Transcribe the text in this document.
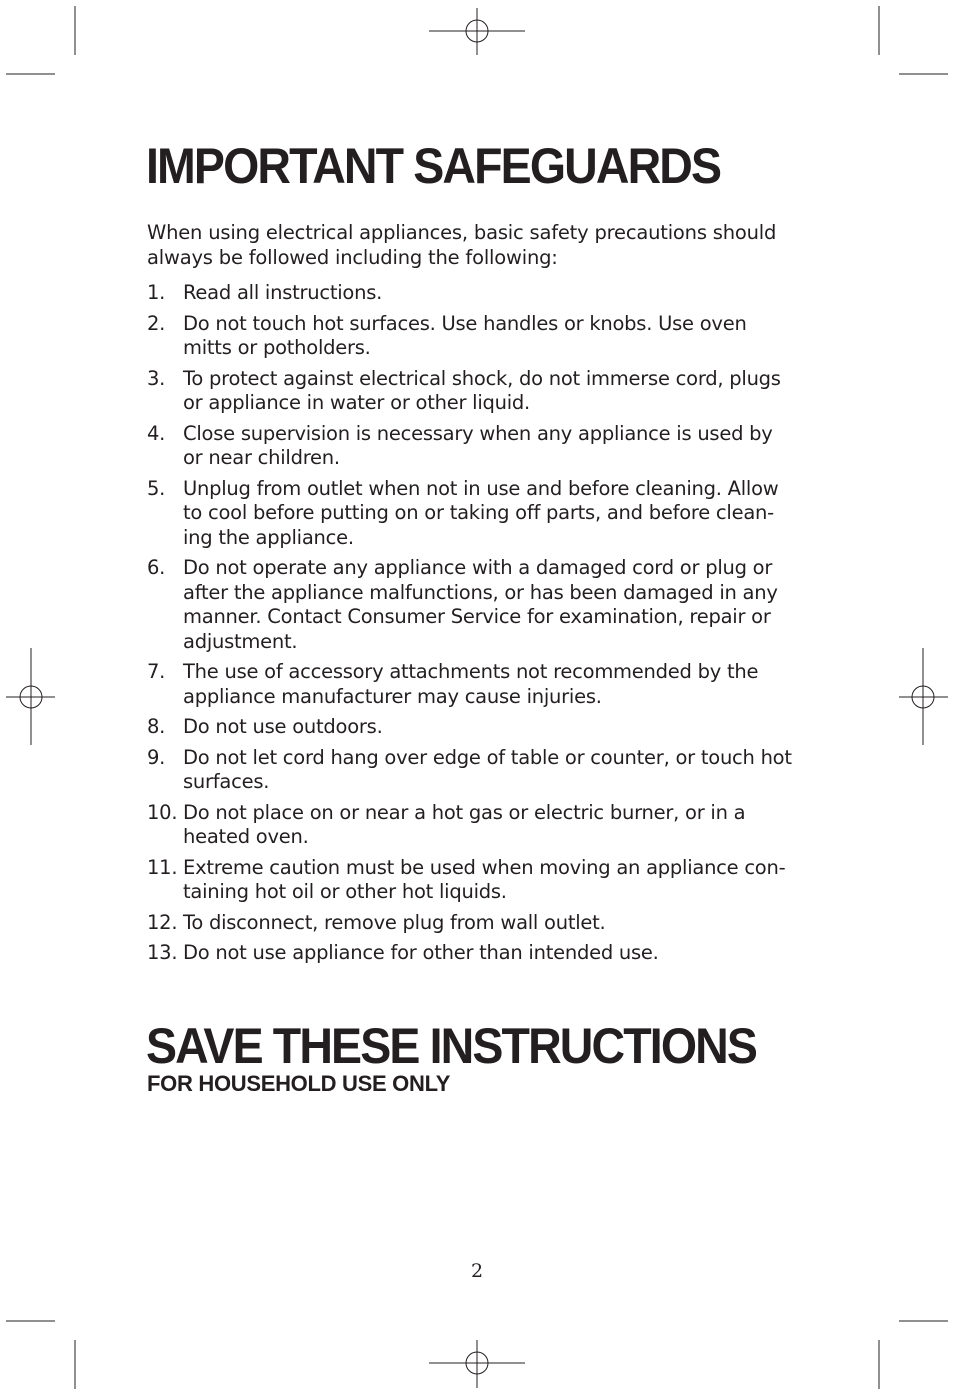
IMPORTANT SAFEGUARDS

When using electrical appliances, basic safety precautions should
always be followed including the following:

1. Read all instructions.
2. Do not touch hot surfaces. Use handles or knobs. Use oven
mitts or potholders.
3. To protect against electrical shock, do not immerse cord, plugs
or appliance in water or other liquid.
4. Close supervision is necessary when any appliance is used by
or near children.
5. Unplug from outlet when not in use and before cleaning. Allow
to cool before putting on or taking off parts, and before clean-
ing the appliance.
6. Do not operate any appliance with a damaged cord or plug or
after the appliance malfunctions, or has been damaged in any
manner. Contact Consumer Service for examination, repair or
adjustment.
7. The use of accessory attachments not recommended by the
appliance manufacturer may cause injuries.
8. Do not use outdoors.
9. Do not let cord hang over edge of table or counter, or touch hot
surfaces.
10. Do not place on or near a hot gas or electric burner, or in a
heated oven.
11. Extreme caution must be used when moving an appliance con-
taining hot oil or other hot liquids.
12. To disconnect, remove plug from wall outlet.
13. Do not use appliance for other than intended use.
SAVE THESE INSTRUCTIONS
FOR HOUSEHOLD USE ONLY
2
